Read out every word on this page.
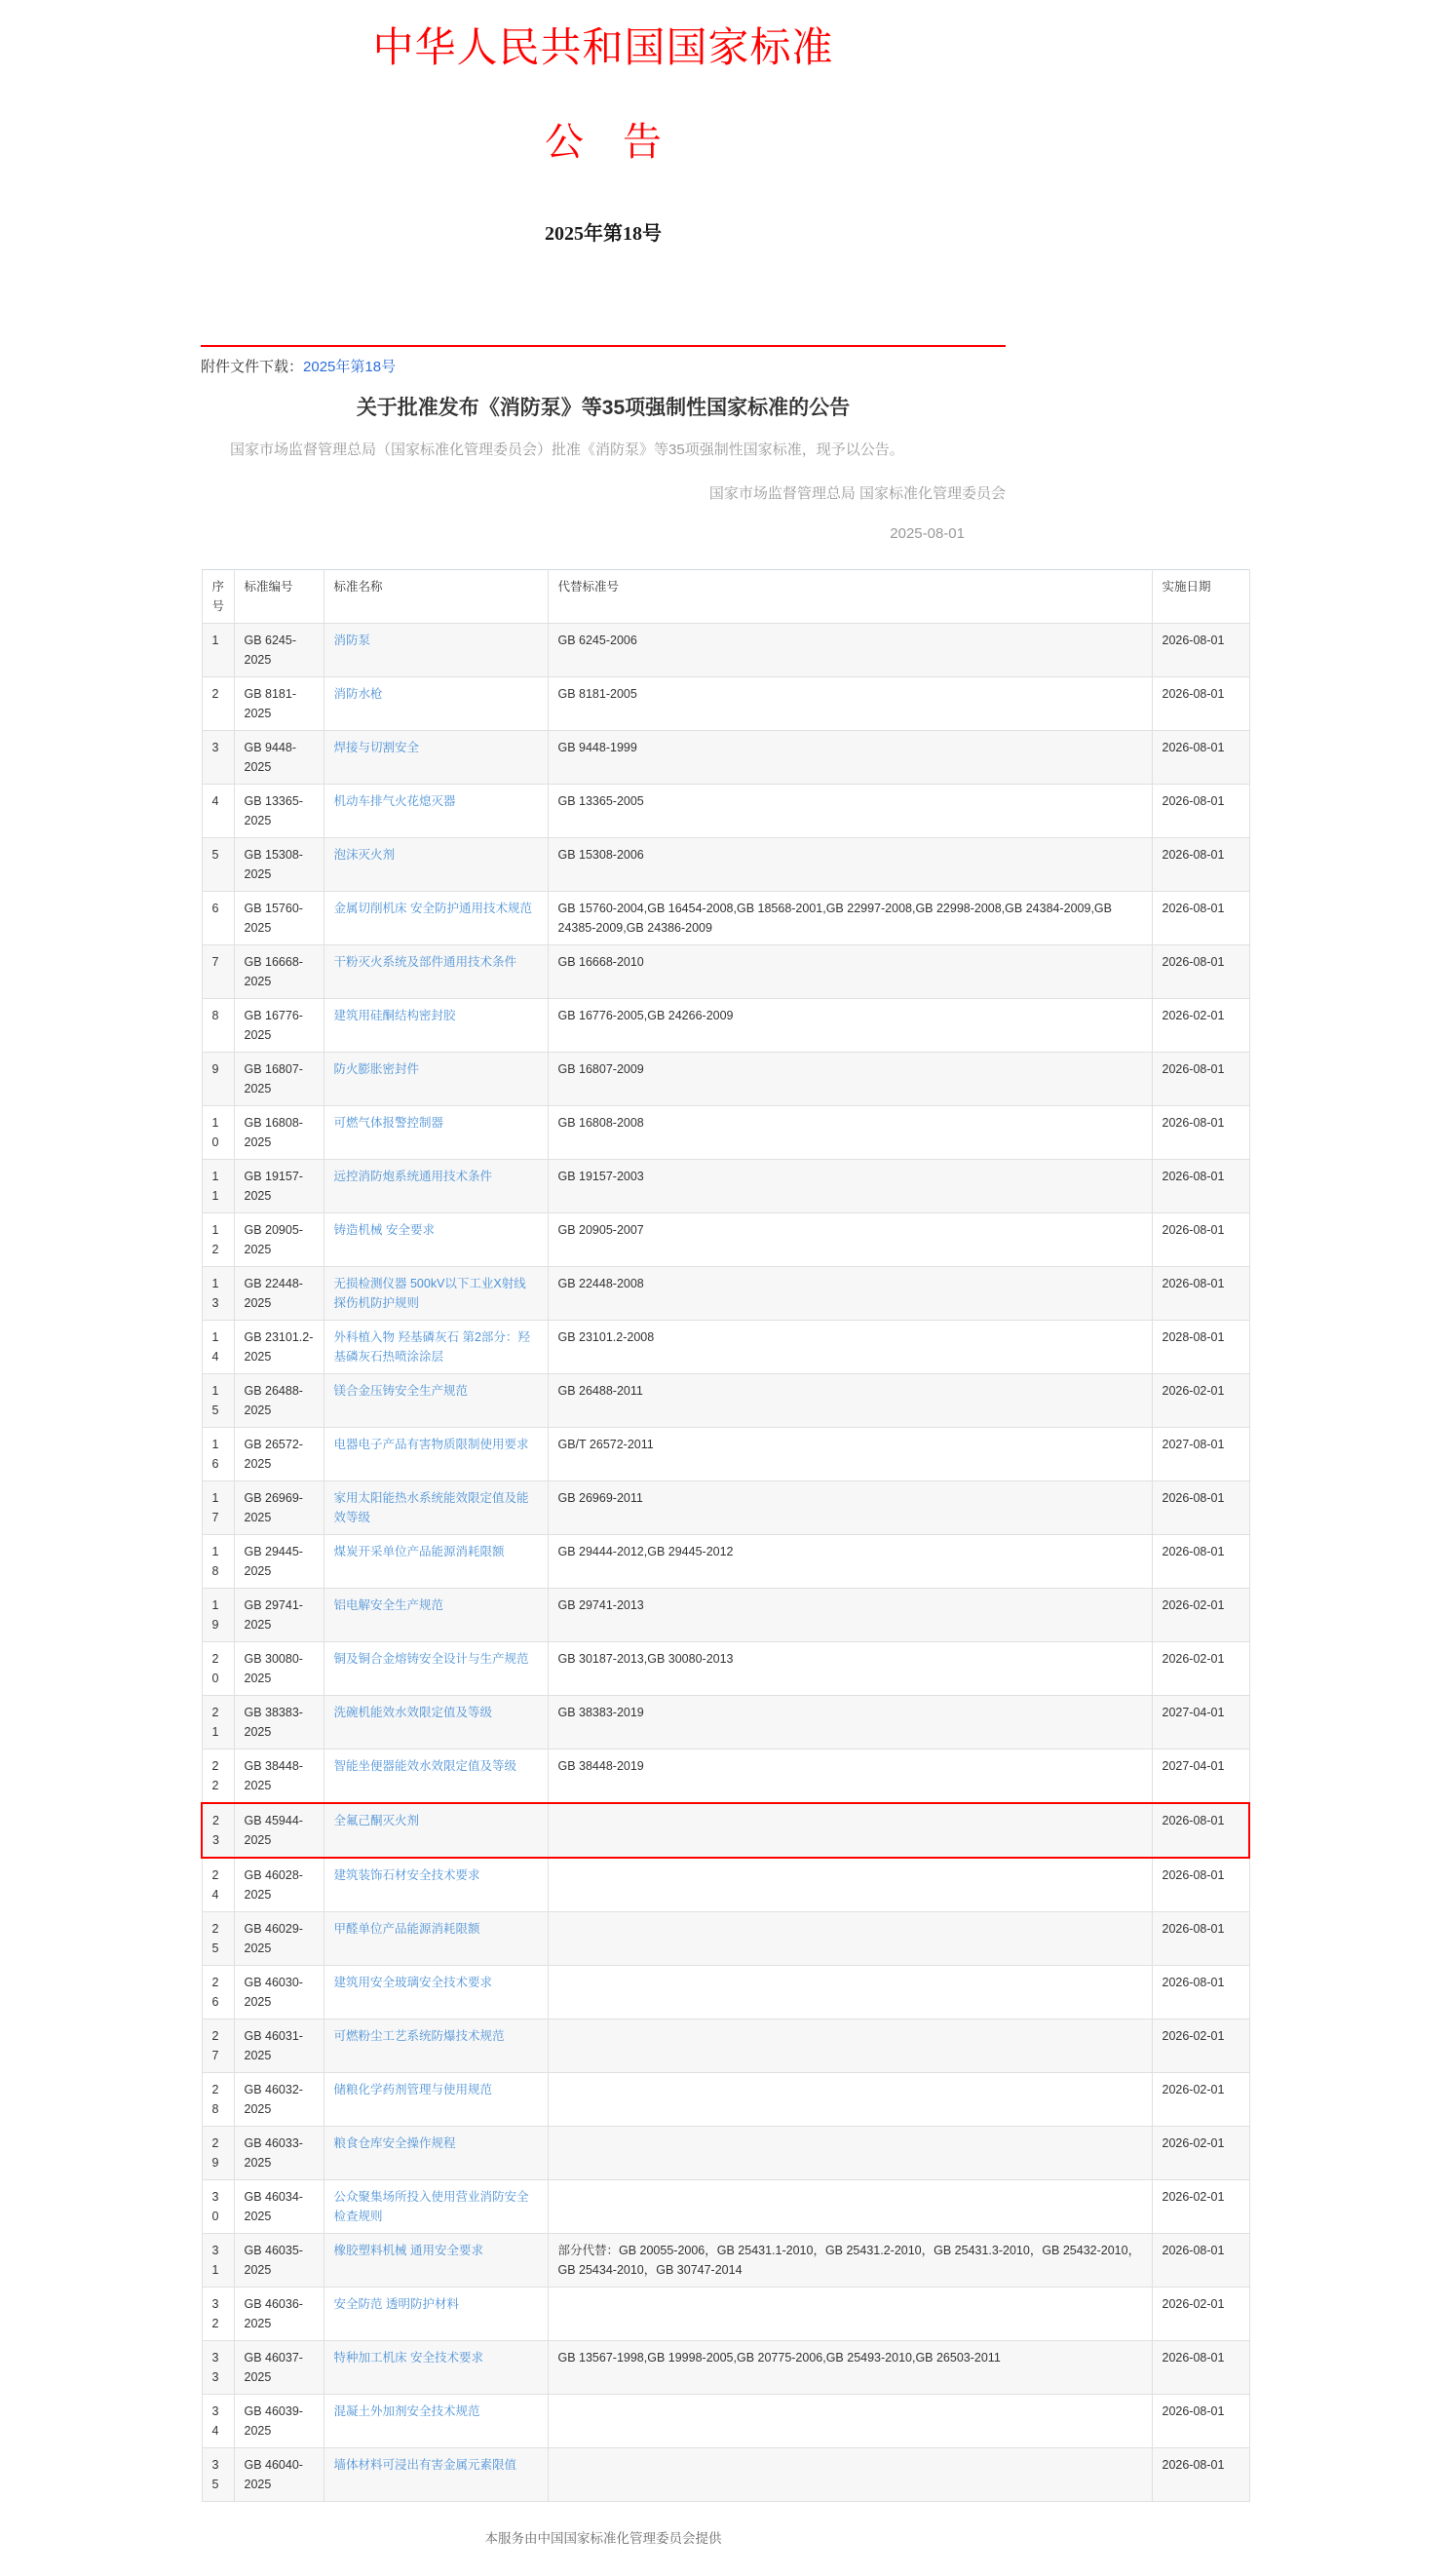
中华人民共和国国家标准
公　告
2025年第18号
附件文件下载：2025年第18号
关于批准发布《消防泵》等35项强制性国家标准的公告

国家市场监督管理总局（国家标准化管理委员会）批准《消防泵》等35项强制性国家标准，现予以公告。

国家市场监督管理总局 国家标准化管理委员会

2025-08-01

序号	标准编号	标准名称	代替标准号	实施日期
1	GB 6245-2025	消防泵	GB 6245-2006	2026-08-01
2	GB 8181-2025	消防水枪	GB 8181-2005	2026-08-01
3	GB 9448-2025	焊接与切割安全	GB 9448-1999	2026-08-01
4	GB 13365-2025	机动车排气火花熄灭器	GB 13365-2005	2026-08-01
5	GB 15308-2025	泡沫灭火剂	GB 15308-2006	2026-08-01
6	GB 15760-2025	金属切削机床 安全防护通用技术规范	GB 15760-2004,GB 16454-2008,GB 18568-2001,GB 22997-2008,GB 22998-2008,GB 24384-2009,GB 24385-2009,GB 24386-2009	2026-08-01
7	GB 16668-2025	干粉灭火系统及部件通用技术条件	GB 16668-2010	2026-08-01
8	GB 16776-2025	建筑用硅酮结构密封胶	GB 16776-2005,GB 24266-2009	2026-02-01
9	GB 16807-2025	防火膨胀密封件	GB 16807-2009	2026-08-01
10	GB 16808-2025	可燃气体报警控制器	GB 16808-2008	2026-08-01
11	GB 19157-2025	远控消防炮系统通用技术条件	GB 19157-2003	2026-08-01
12	GB 20905-2025	铸造机械 安全要求	GB 20905-2007	2026-08-01
13	GB 22448-2025	无损检测仪器 500kV以下工业X射线探伤机防护规则	GB 22448-2008	2026-08-01
14	GB 23101.2-2025	外科植入物 羟基磷灰石 第2部分：羟基磷灰石热喷涂涂层	GB 23101.2-2008	2028-08-01
15	GB 26488-2025	镁合金压铸安全生产规范	GB 26488-2011	2026-02-01
16	GB 26572-2025	电器电子产品有害物质限制使用要求	GB/T 26572-2011	2027-08-01
17	GB 26969-2025	家用太阳能热水系统能效限定值及能效等级	GB 26969-2011	2026-08-01
18	GB 29445-2025	煤炭开采单位产品能源消耗限额	GB 29444-2012,GB 29445-2012	2026-08-01
19	GB 29741-2025	铝电解安全生产规范	GB 29741-2013	2026-02-01
20	GB 30080-2025	铜及铜合金熔铸安全设计与生产规范	GB 30187-2013,GB 30080-2013	2026-02-01
21	GB 38383-2025	洗碗机能效水效限定值及等级	GB 38383-2019	2027-04-01
22	GB 38448-2025	智能坐便器能效水效限定值及等级	GB 38448-2019	2027-04-01
23	GB 45944-2025	全氟己酮灭火剂		2026-08-01
24	GB 46028-2025	建筑装饰石材安全技术要求		2026-08-01
25	GB 46029-2025	甲醛单位产品能源消耗限额		2026-08-01
26	GB 46030-2025	建筑用安全玻璃安全技术要求		2026-08-01
27	GB 46031-2025	可燃粉尘工艺系统防爆技术规范		2026-02-01
28	GB 46032-2025	储粮化学药剂管理与使用规范		2026-02-01
29	GB 46033-2025	粮食仓库安全操作规程		2026-02-01
30	GB 46034-2025	公众聚集场所投入使用营业消防安全检查规则		2026-02-01
31	GB 46035-2025	橡胶塑料机械 通用安全要求	部分代替：GB 20055-2006，GB 25431.1-2010，GB 25431.2-2010，GB 25431.3-2010，GB 25432-2010，GB 25434-2010，GB 30747-2014	2026-08-01
32	GB 46036-2025	安全防范 透明防护材料		2026-02-01
33	GB 46037-2025	特种加工机床 安全技术要求	GB 13567-1998,GB 19998-2005,GB 20775-2006,GB 25493-2010,GB 26503-2011	2026-08-01
34	GB 46039-2025	混凝土外加剂安全技术规范		2026-08-01
35	GB 46040-2025	墙体材料可浸出有害金属元素限值		2026-08-01

本服务由中国国家标准化管理委员会提供
